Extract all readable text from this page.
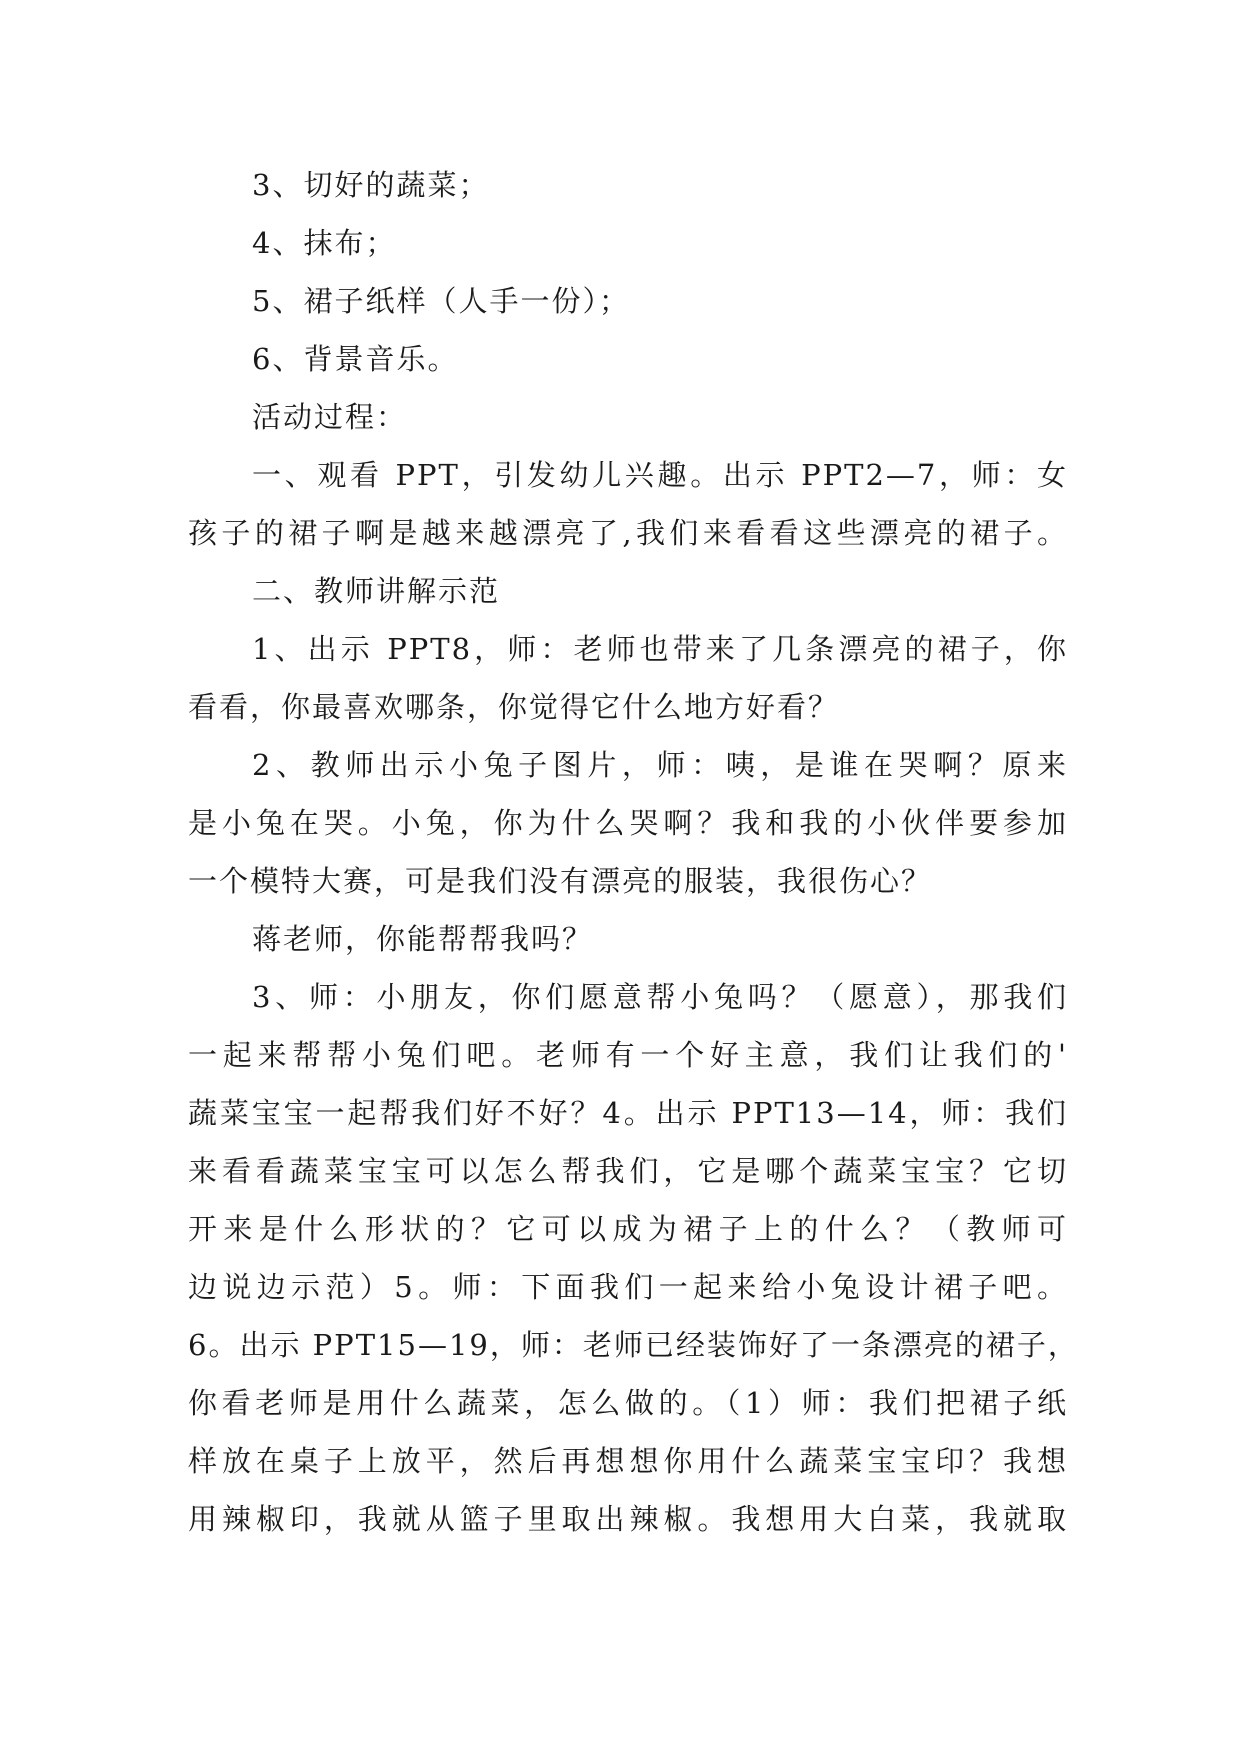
3、切好的蔬菜；
4、抹布；
5、裙子纸样（人手一份）；
6、背景音乐。
活动过程：
一、观看 PPT，引发幼儿兴趣。出示 PPT2—7，师：女
孩子的裙子啊是越来越漂亮了,我们来看看这些漂亮的裙子。
二、教师讲解示范
1、出示 PPT8，师：老师也带来了几条漂亮的裙子，你
看看，你最喜欢哪条，你觉得它什么地方好看？
2、教师出示小兔子图片，师：咦，是谁在哭啊？原来
是小兔在哭。小兔，你为什么哭啊？我和我的小伙伴要参加
一个模特大赛，可是我们没有漂亮的服装，我很伤心？
蒋老师，你能帮帮我吗？
3、师：小朋友，你们愿意帮小兔吗？（愿意），那我们
一起来帮帮小兔们吧。老师有一个好主意，我们让我们的'
蔬菜宝宝一起帮我们好不好？4。出示 PPT13—14，师：我们
来看看蔬菜宝宝可以怎么帮我们，它是哪个蔬菜宝宝？它切
开来是什么形状的？它可以成为裙子上的什么？（教师可
边说边示范）5。师：下面我们一起来给小兔设计裙子吧。
6。出示 PPT15—19，师：老师已经装饰好了一条漂亮的裙子，
你看老师是用什么蔬菜，怎么做的。（1）师：我们把裙子纸
样放在桌子上放平，然后再想想你用什么蔬菜宝宝印？我想
用辣椒印，我就从篮子里取出辣椒。我想用大白菜，我就取
